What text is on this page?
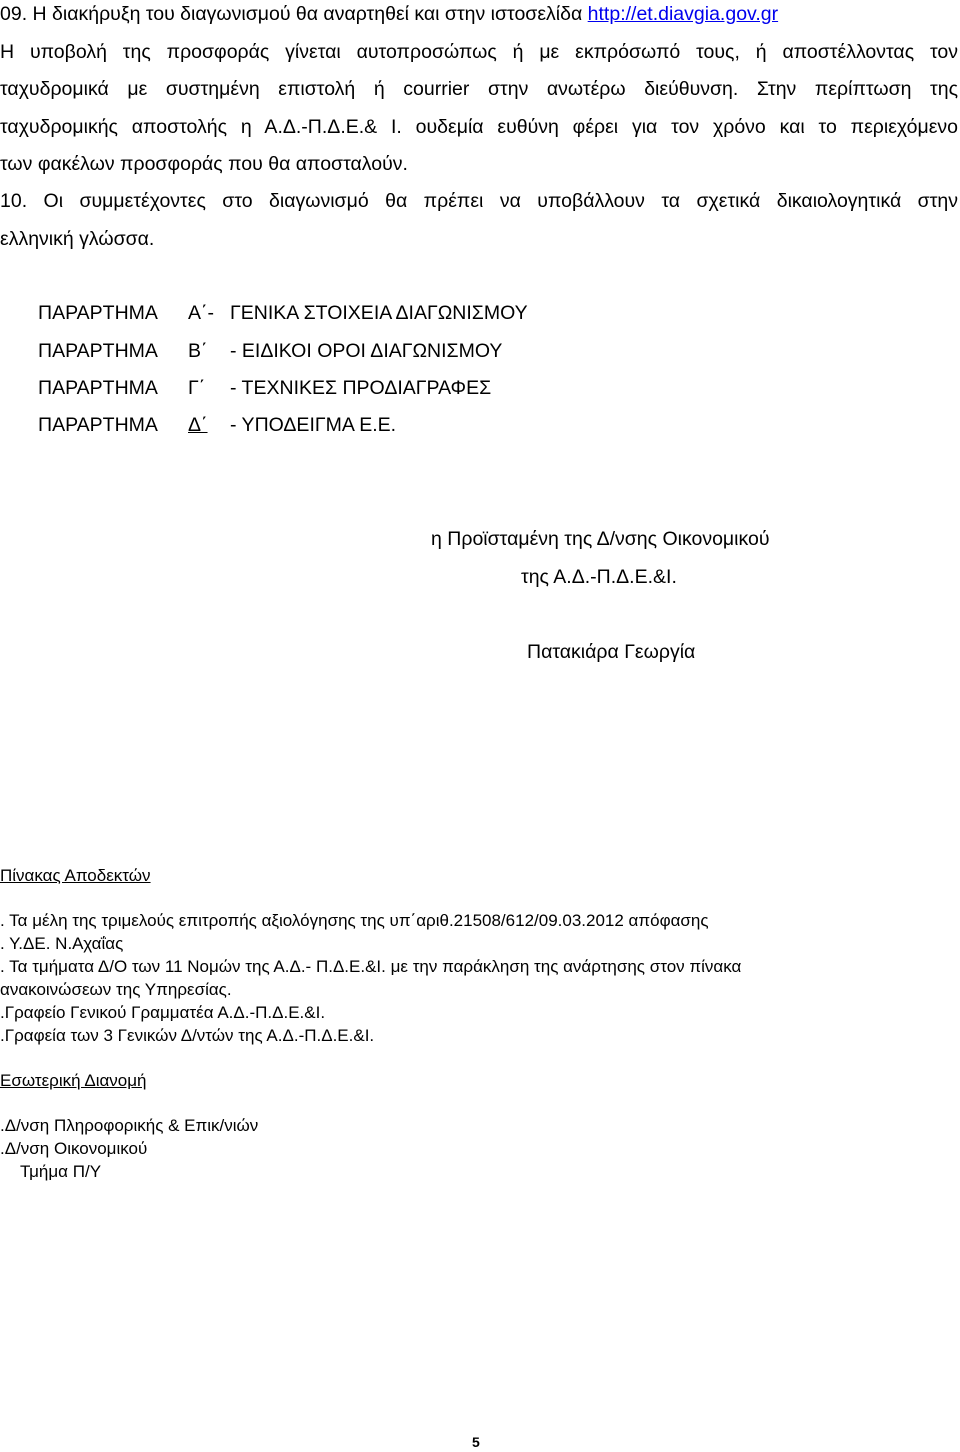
09. Η διακήρυξη του διαγωνισμού θα αναρτηθεί και στην ιστοσελίδα http://et.diavgia.gov.gr
Η υποβολή της προσφοράς γίνεται αυτοπροσώπως ή με εκπρόσωπό τους, ή αποστέλλοντας τον
ταχυδρομικά με συστημένη επιστολή ή courrier στην ανωτέρω διεύθυνση. Στην περίπτωση της
ταχυδρομικής αποστολής η Α.Δ.-Π.Δ.Ε.& Ι. ουδεμία ευθύνη φέρει για τον χρόνο και το περιεχόμενο
των φακέλων προσφοράς που θα αποσταλούν.
10. Οι συμμετέχοντες στο διαγωνισμό θα πρέπει να υποβάλλουν τα σχετικά δικαιολογητικά στην
ελληνική γλώσσα.
ΠΑΡΑΡΤΗΜΑ Α΄- ΓΕΝΙΚΑ ΣΤΟΙΧΕΙΑ ΔΙΑΓΩΝΙΣΜΟΥ
ΠΑΡΑΡΤΗΜΑ Β΄ - ΕΙΔΙΚΟΙ ΟΡΟΙ ΔΙΑΓΩΝΙΣΜΟΥ
ΠΑΡΑΡΤΗΜΑ Γ΄ - ΤΕΧΝΙΚΕΣ ΠΡΟΔΙΑΓΡΑΦΕΣ
ΠΑΡΑΡΤΗΜΑ Δ΄ - ΥΠΟΔΕΙΓΜΑ Ε.Ε.
η Προϊσταμένη της Δ/νσης Οικονομικού
της Α.Δ.-Π.Δ.Ε.&Ι.
Πατακιάρα Γεωργία
Πίνακας Αποδεκτών
. Τα μέλη της τριμελούς επιτροπής αξιολόγησης της υπ΄αριθ.21508/612/09.03.2012 απόφασης
. Υ.ΔΕ. Ν.Αχαΐας
. Τα τμήματα Δ/Ο των 11 Νομών της Α.Δ.- Π.Δ.Ε.&Ι. με την παράκληση της ανάρτησης στον πίνακα
ανακοινώσεων της Υπηρεσίας.
.Γραφείο Γενικού Γραμματέα Α.Δ.-Π.Δ.Ε.&Ι.
.Γραφεία των 3 Γενικών Δ/ντών της Α.Δ.-Π.Δ.Ε.&Ι.
Εσωτερική Διανομή
.Δ/νση Πληροφορικής & Επικ/νιών
.Δ/νση Οικονομικού
Τμήμα Π/Υ
5
